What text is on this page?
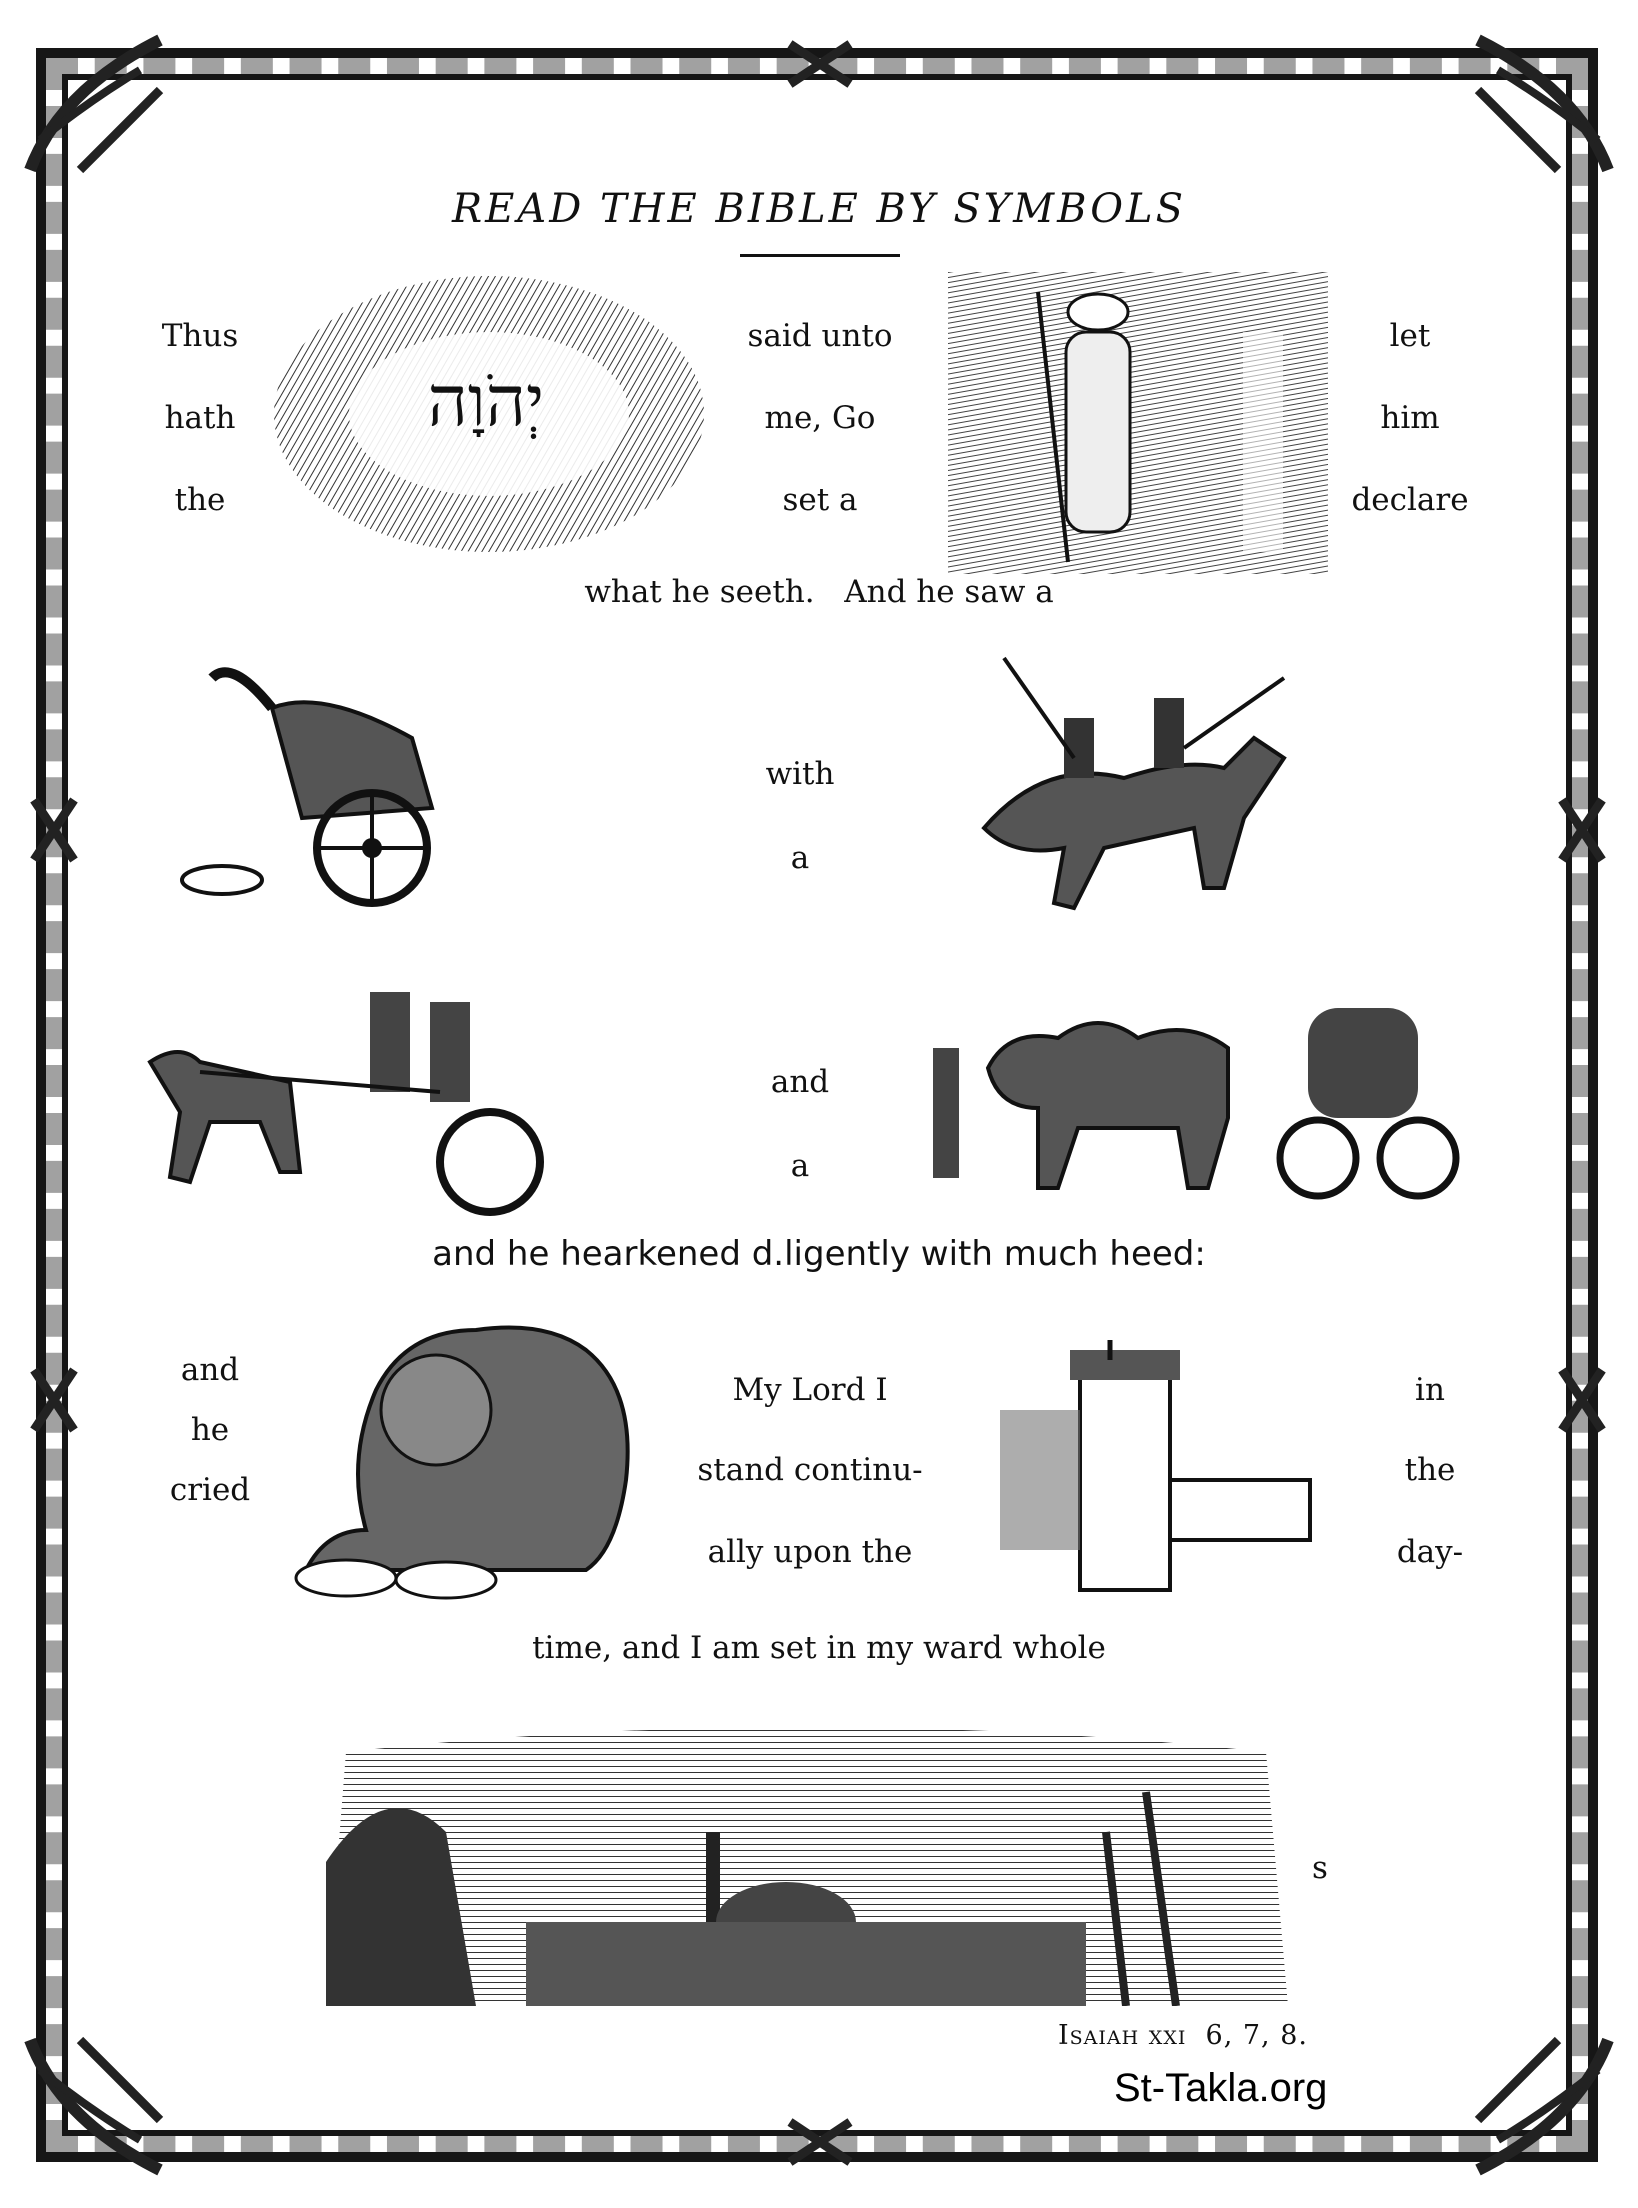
READ THE BIBLE BY SYMBOLS
Thus
hath
the
יְהֹוָה
said unto
me, Go
set a
let
him
declare
what he seeth.   And he saw a
with
a
and
a
and he hearkened d.ligently with much heed:
and
he
cried
My Lord I
stand continu-
ally upon the
in
the
day-
time, and I am set in my ward whole
s
Isaiah xxi 6, 7, 8.
St-Takla.org
